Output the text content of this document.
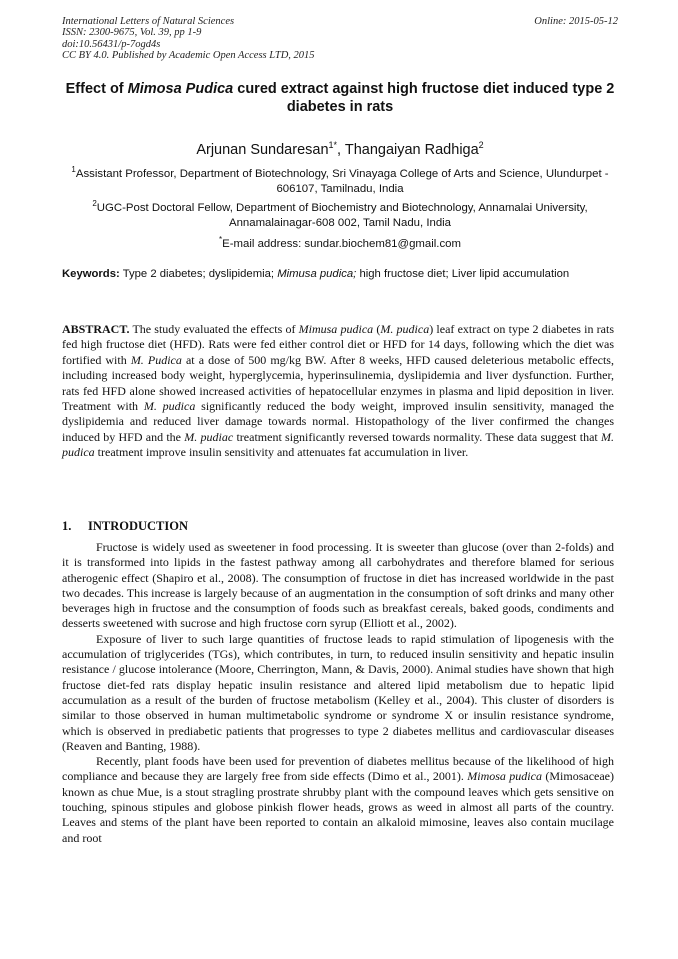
International Letters of Natural Sciences
ISSN: 2300-9675, Vol. 39, pp 1-9
doi:10.56431/p-7ogd4s
CC BY 4.0. Published by Academic Open Access LTD, 2015
Online: 2015-05-12
Effect of Mimosa Pudica cured extract against high fructose diet induced type 2 diabetes in rats
Arjunan Sundaresan$^{1*}$, Thangaiyan Radhiga$^2$
$^1$Assistant Professor, Department of Biotechnology, Sri Vinayaga College of Arts and Science, Ulundurpet - 606107, Tamilnadu, India
$^2$UGC-Post Doctoral Fellow, Department of Biochemistry and Biotechnology, Annamalai University, Annamalainagar-608 002, Tamil Nadu, India
*E-mail address: sundar.biochem81@gmail.com
Keywords: Type 2 diabetes; dyslipidemia; Mimusa pudica; high fructose diet; Liver lipid accumulation
ABSTRACT. The study evaluated the effects of Mimusa pudica (M. pudica) leaf extract on type 2 diabetes in rats fed high fructose diet (HFD). Rats were fed either control diet or HFD for 14 days, following which the diet was fortified with M. Pudica at a dose of 500 mg/kg BW. After 8 weeks, HFD caused deleterious metabolic effects, including increased body weight, hyperglycemia, hyperinsulinemia, dyslipidemia and liver dysfunction. Further, rats fed HFD alone showed increased activities of hepatocellular enzymes in plasma and lipid deposition in liver. Treatment with M. pudica significantly reduced the body weight, improved insulin sensitivity, managed the dyslipidemia and reduced liver damage towards normal. Histopathology of the liver confirmed the changes induced by HFD and the M. pudiac treatment significantly reversed towards normality. These data suggest that M. pudica treatment improve insulin sensitivity and attenuates fat accumulation in liver.
1. INTRODUCTION

Fructose is widely used as sweetener in food processing. It is sweeter than glucose (over than 2-folds) and it is transformed into lipids in the fastest pathway among all carbohydrates and therefore blamed for serious atherogenic effect (Shapiro et al., 2008). The consumption of fructose in diet has increased worldwide in the past two decades. This increase is largely because of an augmentation in the consumption of soft drinks and many other beverages high in fructose and the consumption of foods such as breakfast cereals, baked goods, condiments and desserts sweetened with sucrose and high fructose corn syrup (Elliott et al., 2002).

Exposure of liver to such large quantities of fructose leads to rapid stimulation of lipogenesis with the accumulation of triglycerides (TGs), which contributes, in turn, to reduced insulin sensitivity and hepatic insulin resistance / glucose intolerance (Moore, Cherrington, Mann, & Davis, 2000). Animal studies have shown that high fructose diet-fed rats display hepatic insulin resistance and altered lipid metabolism due to hepatic lipid accumulation as a result of the burden of fructose metabolism (Kelley et al., 2004). This cluster of disorders is similar to those observed in human multimetabolic syndrome or syndrome X or insulin resistance syndrome, which is observed in prediabetic patients that progresses to type 2 diabetes mellitus and cardiovascular diseases (Reaven and Banting, 1988).

Recently, plant foods have been used for prevention of diabetes mellitus because of the likelihood of high compliance and because they are largely free from side effects (Dimo et al., 2001). Mimosa pudica (Mimosaceae) known as chue Mue, is a stout stragling prostrate shrubby plant with the compound leaves which gets sensitive on touching, spinous stipules and globose pinkish flower heads, grows as weed in almost all parts of the country. Leaves and stems of the plant have been reported to contain an alkaloid mimosine, leaves also contain mucilage and root
